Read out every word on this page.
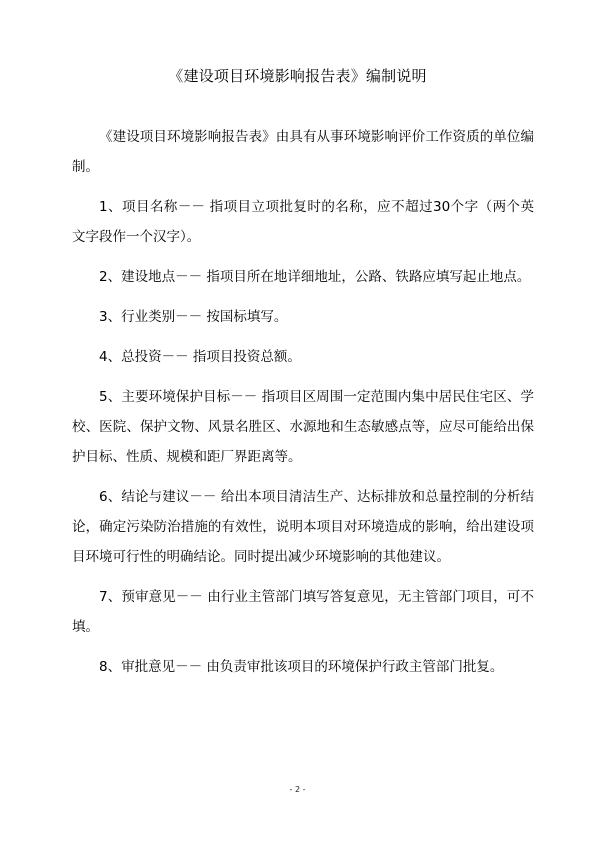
《建设项目环境影响报告表》编制说明

《建设项目环境影响报告表》由具有从事环境影响评价工作资质的单位编制。

1、项目名称－－ 指项目立项批复时的名称，应不超过30个字（两个英文字段作一个汉字）。

2、建设地点－－ 指项目所在地详细地址，公路、铁路应填写起止地点。

3、行业类别－－ 按国标填写。

4、总投资－－ 指项目投资总额。

5、主要环境保护目标－－ 指项目区周围一定范围内集中居民住宅区、学校、医院、保护文物、风景名胜区、水源地和生态敏感点等，应尽可能给出保护目标、性质、规模和距厂界距离等。

6、结论与建议－－ 给出本项目清洁生产、达标排放和总量控制的分析结论，确定污染防治措施的有效性，说明本项目对环境造成的影响，给出建设项目环境可行性的明确结论。同时提出减少环境影响的其他建议。

7、预审意见－－ 由行业主管部门填写答复意见，无主管部门项目，可不填。

8、审批意见－－ 由负责审批该项目的环境保护行政主管部门批复。

- 2 -
